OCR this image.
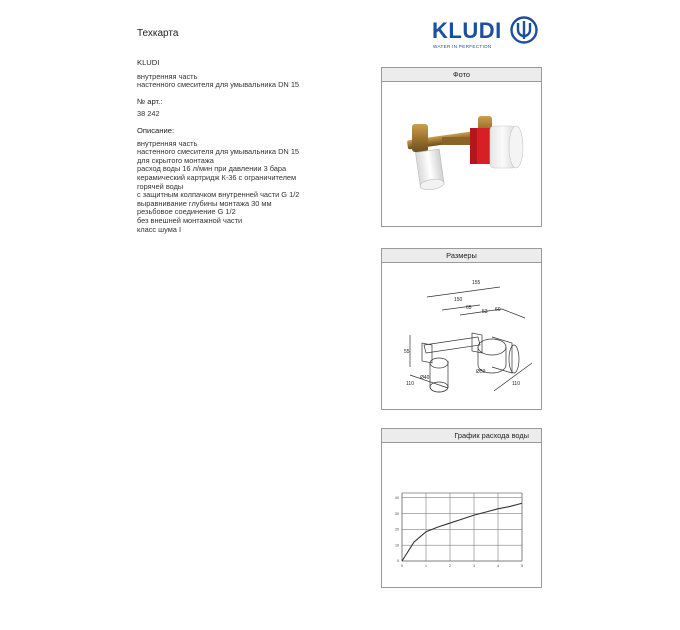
Техкарта	KLUDI
WATER IN PERFECTION
KLUDI
внутренняя часть
настенного смесителя для умывальника DN 15
№ арт.:
38 242
Описание:
внутренняя часть
настенного смесителя для умывальника DN 15
для скрытого монтажа
расход воды 16 л/мин при давлении 3 бара
керамический картридж К-36 с ограничителем
горячей воды
с защитным колпачком внутренней части G 1/2
выравнивание глубины монтажа 30 мм
резьбовое соединение G 1/2
без внешней монтажной части
класс шума I
Фото
Размеры
155
150
65
53 60
55
Ø40
Ø50
110	110
График расхода воды
0	1	2	3	4	5
0
10
20
30
40
